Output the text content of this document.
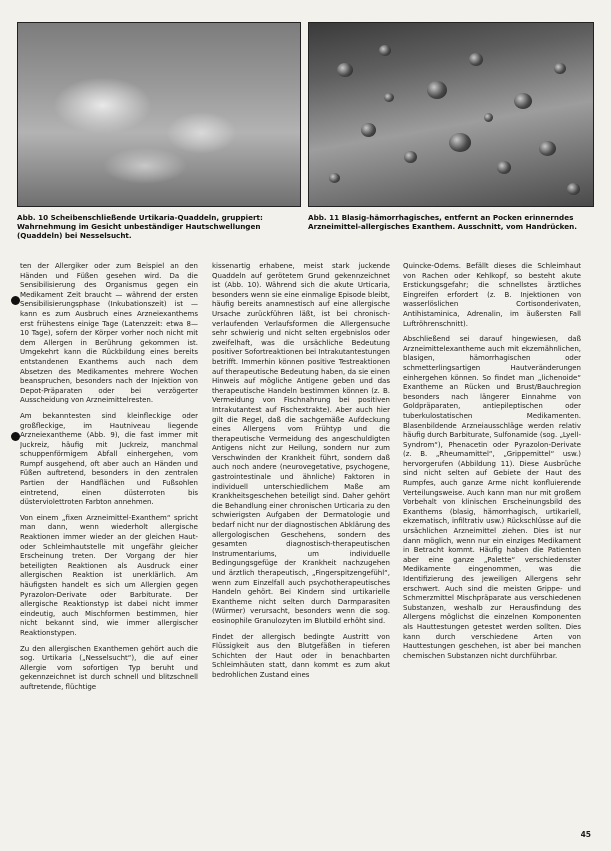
Abb. 10 Scheibenschließende Urtikaria-Quaddeln, gruppiert: Wahrnehmung im Gesicht unbeständiger Hautschwellungen (Quaddeln) bei Nesselsucht.
Abb. 11 Blasig-hämorrhagisches, entfernt an Pocken erinnerndes Arzneimittel-allergisches Exanthem. Ausschnitt, vom Handrücken.

ten der Allergiker oder zum Beispiel an den Händen und Füßen gesehen wird. Da die Sensibilisierung des Organismus gegen ein Medikament Zeit braucht — während der ersten Sensibilisierungsphase (Inkubationszeit) ist — kann es zum Ausbruch eines Arzneiexanthems erst frühestens einige Tage (Latenzzeit: etwa 8—10 Tage), sofern der Körper vorher noch nicht mit dem Allergen in Berührung gekommen ist. Umgekehrt kann die Rückbildung eines bereits entstandenen Exanthems auch nach dem Absetzen des Medikamentes mehrere Wochen beanspruchen, besonders nach der Injektion von Depot-Präparaten oder bei verzögerter Ausscheidung von Arzneimittelresten.

Am bekanntesten sind kleinfleckige oder großfleckige, im Hautniveau liegende Arzneiexantheme (Abb. 9), die fast immer mit Juckreiz, häufig mit Juckreiz, manchmal schuppenförmigem Abfall einhergehen, vom Rumpf ausgehend, oft aber auch an Händen und Füßen auftretend, besonders in den zentralen Partien der Handflächen und Fußsohlen eintretend, einen düsterroten bis düsterviolettroten Farbton annehmen.

Von einem „fixen Arzneimittel-Exanthem“ spricht man dann, wenn wiederholt allergische Reaktionen immer wieder an der gleichen Haut- oder Schleimhautstelle mit ungefähr gleicher Erscheinung treten. Der Vorgang der hier beteiligten Reaktionen als Ausdruck einer allergischen Reaktion ist unerklärlich. Am häufigsten handelt es sich um Allergien gegen Pyrazolon-Derivate oder Barbiturate. Der allergische Reaktionstyp ist dabei nicht immer eindeutig, auch Mischformen bestimmen, hier nicht bekannt sind, wie immer allergischer Reaktionstypen.

Zu den allergischen Exanthemen gehört auch die sog. Urtikaria („Nesselsucht“), die auf einer Allergie vom sofortigen Typ beruht und gekennzeichnet ist durch schnell und blitzschnell auftretende, flüchtige

kissenartig erhabene, meist stark juckende Quaddeln auf gerötetem Grund gekennzeichnet ist (Abb. 10). Während sich die akute Urticaria, besonders wenn sie eine einmalige Episode bleibt, häufig bereits anamnestisch auf eine allergische Ursache zurückführen läßt, ist bei chronisch-verlaufenden Verlaufsformen die Allergensuche sehr schwierig und nicht selten ergebnislos oder zweifelhaft, was die ursächliche Bedeutung positiver Sofortreaktionen bei Intrakutantestungen betrifft. Immerhin können positive Testreaktionen auf therapeutische Bedeutung haben, da sie einen Hinweis auf mögliche Antigene geben und das therapeutische Handeln bestimmen können (z. B. Vermeidung von Fischnahrung bei positiven Intrakutantest auf Fischextrakte). Aber auch hier gilt die Regel, daß die sachgemäße Aufdeckung eines Allergens vom Frühtyp und die therapeutische Vermeidung des angeschuldigten Antigens nicht zur Heilung, sondern nur zum Verschwinden der Krankheit führt, sondern daß auch noch andere (neurovegetative, psychogene, gastrointestinale und ähnliche) Faktoren in individuell unterschiedlichem Maße am Krankheitsgeschehen beteiligt sind. Daher gehört die Behandlung einer chronischen Urticaria zu den schwierigsten Aufgaben der Dermatologie und bedarf nicht nur der diagnostischen Abklärung des allergologischen Geschehens, sondern des gesamten diagnostisch-therapeutischen Instrumentariums, um individuelle Bedingungsgefüge der Krankheit nachzugehen und ärztlich therapeutisch, „Fingerspitzengefühl“, wenn zum Einzelfall auch psychotherapeutisches Handeln gehört. Bei Kindern sind urtikarielle Exantheme nicht selten durch Darmparasiten (Würmer) verursacht, besonders wenn die sog. eosinophile Granulozyten im Blutbild erhöht sind.

Findet der allergisch bedingte Austritt von Flüssigkeit aus den Blutgefäßen in tieferen Schichten der Haut oder in benachbarten Schleimhäuten statt, dann kommt es zum akut bedrohlichen Zustand eines

Quincke-Ödems. Befällt dieses die Schleimhaut von Rachen oder Kehlkopf, so besteht akute Erstickungsgefahr; die schnellstes ärztliches Eingreifen erfordert (z. B. Injektionen von wasserlöslichen Cortisonderivaten, Antihistaminica, Adrenalin, im äußersten Fall Luftröhrenschnitt).

Abschließend sei darauf hingewiesen, daß Arzneimittelexantheme auch mit ekzemähnlichen, blasigen, hämorrhagischen oder schmetterlingsartigen Hautveränderungen einhergehen können. So findet man „lichenoide“ Exantheme an Rücken und Brust/Bauchregion besonders nach längerer Einnahme von Goldpräparaten, antiepileptischen oder tuberkulostatischen Medikamenten. Blasenbildende Arzneiausschläge werden relativ häufig durch Barbiturate, Sulfonamide (sog. „Lyell-Syndrom“), Phenacetin oder Pyrazolon-Derivate (z. B. „Rheumamittel“, „Grippemittel“ usw.) hervorgerufen (Abbildung 11). Diese Ausbrüche sind nicht selten auf Gebiete der Haut des Rumpfes, auch ganze Arme nicht konfluierende Verteilungsweise. Auch kann man nur mit großem Vorbehalt von klinischen Erscheinungsbild des Exanthems (blasig, hämorrhagisch, urtikariell, ekzematisch, infiltrativ usw.) Rückschlüsse auf die ursächlichen Arzneimittel ziehen. Dies ist nur dann möglich, wenn nur ein einziges Medikament in Betracht kommt. Häufig haben die Patienten aber eine ganze „Palette“ verschiedenster Medikamente eingenommen, was die Identifizierung des jeweiligen Allergens sehr erschwert. Auch sind die meisten Grippe- und Schmerzmittel Mischpräparate aus verschiedenen Substanzen, weshalb zur Herausfindung des Allergens möglichst die einzelnen Komponenten als Hauttestungen getestet werden sollten. Dies kann durch verschiedene Arten von Hauttestungen geschehen, ist aber bei manchen chemischen Substanzen nicht durchführbar.

45
